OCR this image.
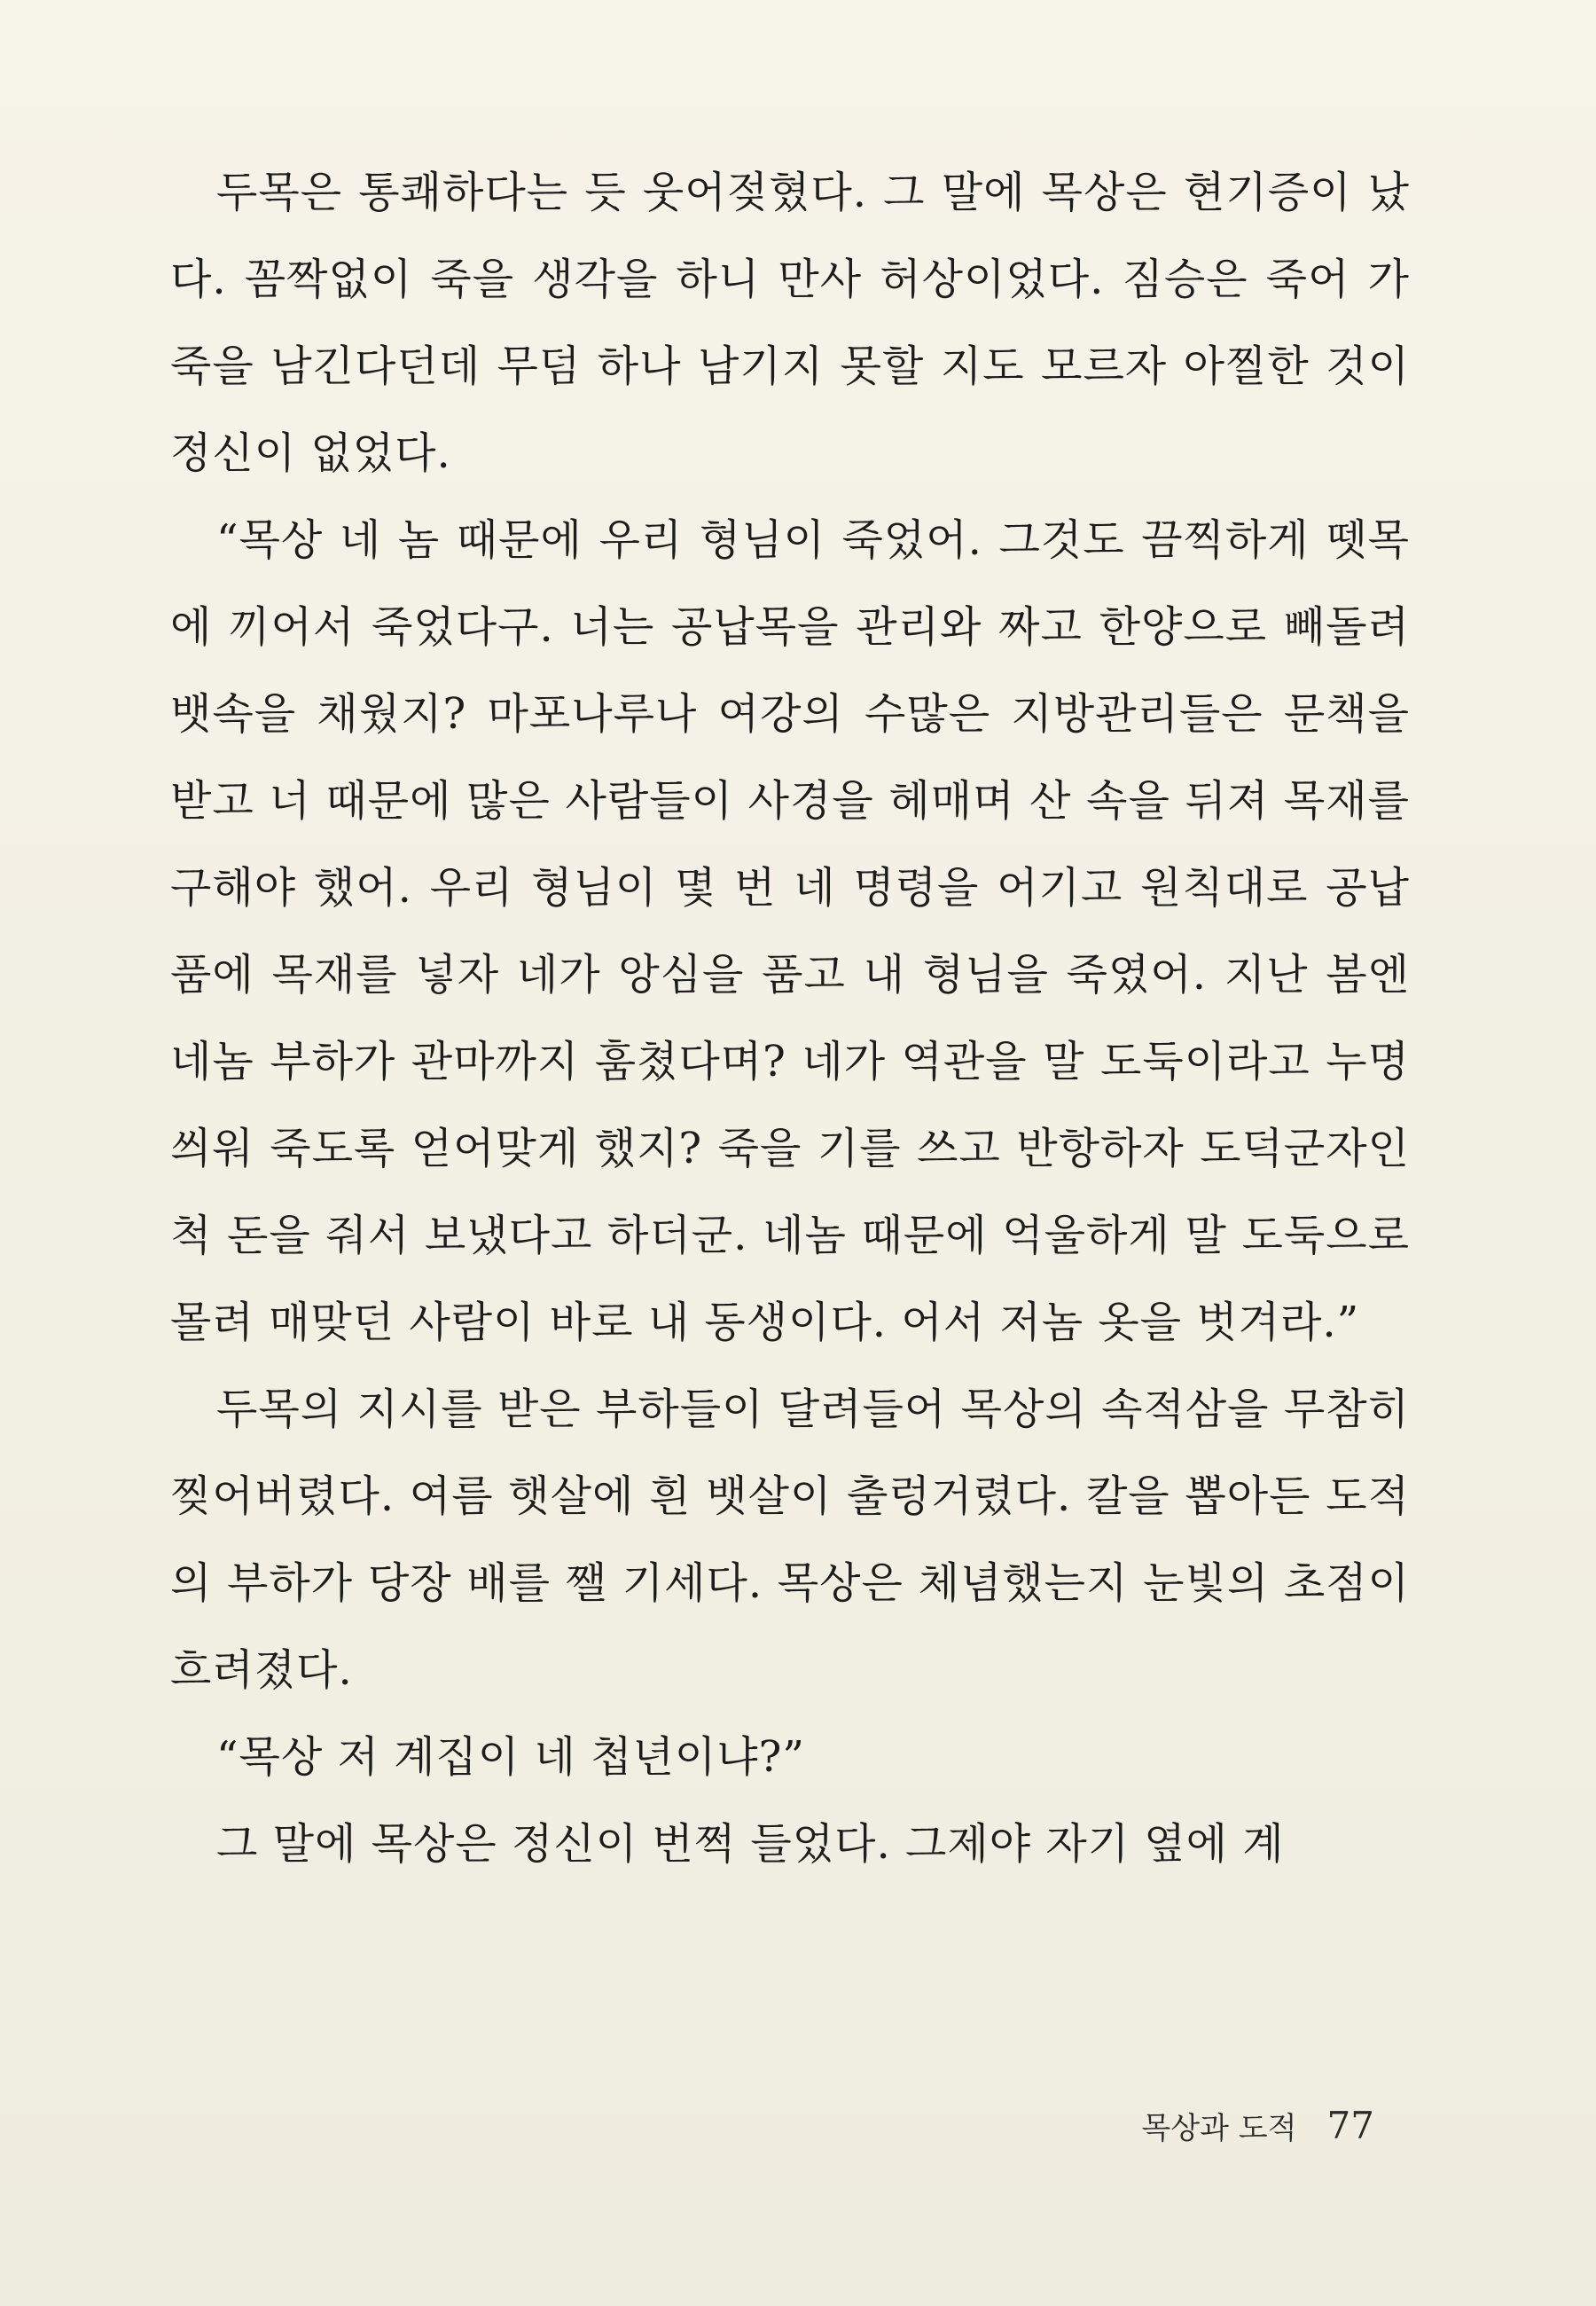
두목은 통쾌하다는 듯 웃어젖혔다. 그 말에 목상은 현기증이 났다. 꼼짝없이 죽을 생각을 하니 만사 허상이었다. 짐승은 죽어 가죽을 남긴다던데 무덤 하나 남기지 못할 지도 모르자 아찔한 것이 정신이 없었다.

“목상 네 놈 때문에 우리 형님이 죽었어. 그것도 끔찍하게 뗏목에 끼어서 죽었다구. 너는 공납목을 관리와 짜고 한양으로 빼돌려 뱃속을 채웠지? 마포나루나 여강의 수많은 지방관리들은 문책을 받고 너 때문에 많은 사람들이 사경을 헤매며 산 속을 뒤져 목재를 구해야 했어. 우리 형님이 몇 번 네 명령을 어기고 원칙대로 공납품에 목재를 넣자 네가 앙심을 품고 내 형님을 죽였어. 지난 봄엔 네놈 부하가 관마까지 훔쳤다며? 네가 역관을 말 도둑이라고 누명 씌워 죽도록 얻어맞게 했지? 죽을 기를 쓰고 반항하자 도덕군자인척 돈을 줘서 보냈다고 하더군. 네놈 때문에 억울하게 말 도둑으로 몰려 매맞던 사람이 바로 내 동생이다. 어서 저놈 옷을 벗겨라.”

두목의 지시를 받은 부하들이 달려들어 목상의 속적삼을 무참히 찢어버렸다. 여름 햇살에 흰 뱃살이 출렁거렸다. 칼을 뽑아든 도적의 부하가 당장 배를 쨀 기세다. 목상은 체념했는지 눈빛의 초점이 흐려졌다.

“목상 저 계집이 네 첩년이냐?”

그 말에 목상은 정신이 번쩍 들었다. 그제야 자기 옆에 계

목상과 도적 77
